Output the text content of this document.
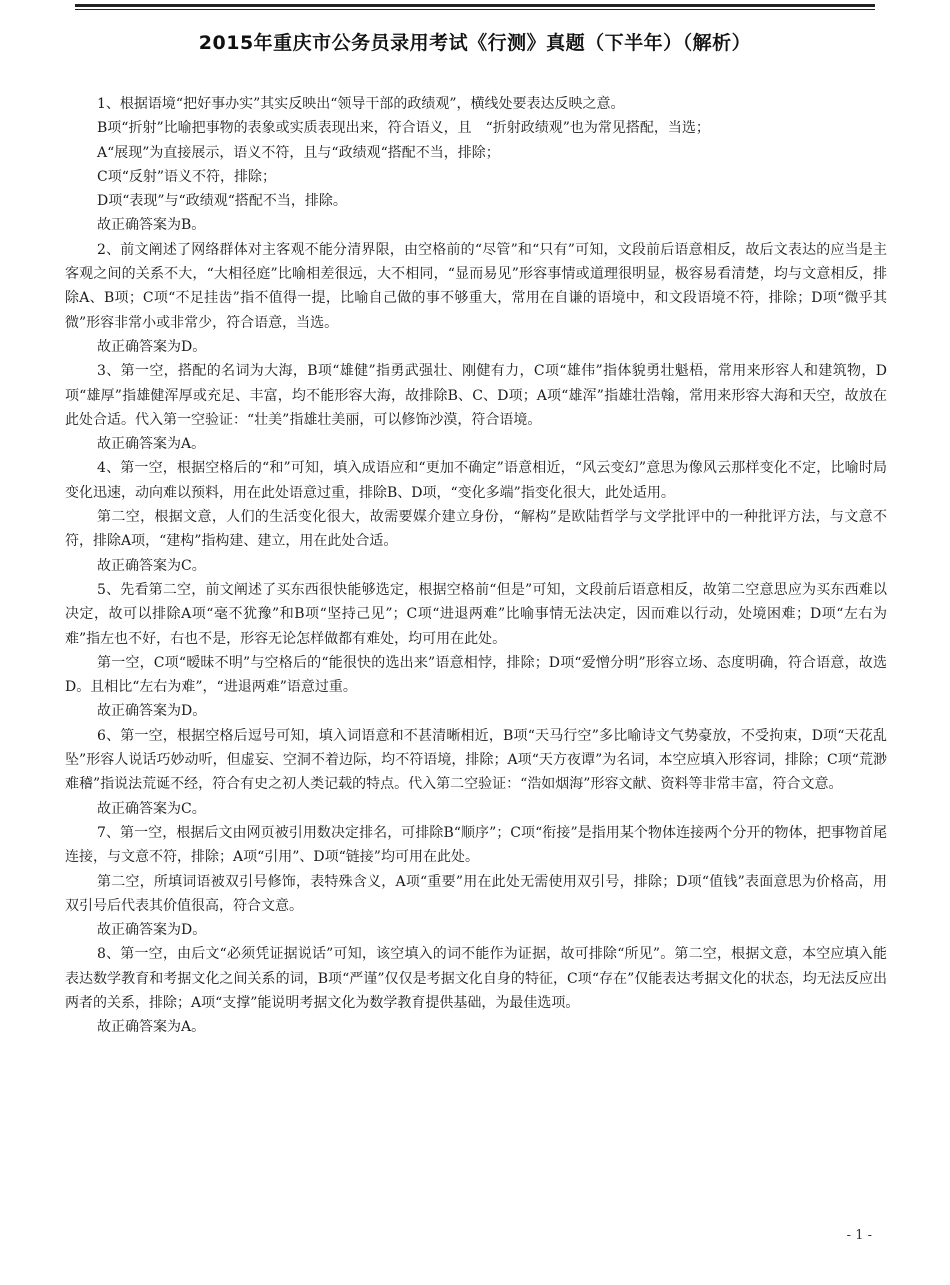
2015年重庆市公务员录用考试《行测》真题（下半年）（解析）

1、根据语境“把好事办实”其实反映出“领导干部的政绩观”，横线处要表达反映之意。

B项“折射”比喻把事物的表象或实质表现出来，符合语义，且　“折射政绩观”也为常见搭配，当选；

A“展现”为直接展示，语义不符，且与“政绩观“搭配不当，排除；

C项“反射”语义不符，排除；

D项“表现”与“政绩观“搭配不当，排除。

故正确答案为B。

2、前文阐述了网络群体对主客观不能分清界限，由空格前的“尽管”和“只有”可知，文段前后语意相反，故后文表达的应当是主客观之间的关系不大，“大相径庭”比喻相差很远，大不相同，“显而易见”形容事情或道理很明显，极容易看清楚，均与文意相反，排除A、B项；C项“不足挂齿”指不值得一提，比喻自己做的事不够重大，常用在自谦的语境中，和文段语境不符，排除；D项“微乎其微”形容非常小或非常少，符合语意，当选。

故正确答案为D。

3、第一空，搭配的名词为大海，B项“雄健”指勇武强壮、刚健有力，C项“雄伟”指体貌勇壮魁梧，常用来形容人和建筑物，D项“雄厚”指雄健浑厚或充足、丰富，均不能形容大海，故排除B、C、D项；A项“雄浑”指雄壮浩翰，常用来形容大海和天空，故放在此处合适。代入第一空验证：“壮美”指雄壮美丽，可以修饰沙漠，符合语境。

故正确答案为A。

4、第一空，根据空格后的“和”可知，填入成语应和“更加不确定”语意相近，“风云变幻”意思为像风云那样变化不定，比喻时局变化迅速，动向难以预料，用在此处语意过重，排除B、D项，“变化多端”指变化很大，此处适用。

第二空，根据文意，人们的生活变化很大，故需要媒介建立身份，“解构”是欧陆哲学与文学批评中的一种批评方法，与文意不符，排除A项，“建构”指构建、建立，用在此处合适。

故正确答案为C。

5、先看第二空，前文阐述了买东西很快能够选定，根据空格前“但是”可知，文段前后语意相反，故第二空意思应为买东西难以决定，故可以排除A项“毫不犹豫”和B项“坚持己见”；C项“进退两难”比喻事情无法决定，因而难以行动，处境困难；D项“左右为难”指左也不好，右也不是，形容无论怎样做都有难处，均可用在此处。

第一空，C项“暧昧不明”与空格后的“能很快的选出来”语意相悖，排除；D项“爱憎分明”形容立场、态度明确，符合语意，故选D。且相比“左右为难”，“进退两难”语意过重。

故正确答案为D。

6、第一空，根据空格后逗号可知，填入词语意和不甚清晰相近，B项“天马行空”多比喻诗文气势豪放，不受拘束，D项“天花乱坠”形容人说话巧妙动听，但虚妄、空洞不着边际，均不符语境，排除；A项“天方夜谭”为名词，本空应填入形容词，排除；C项“荒渺难稽”指说法荒诞不经，符合有史之初人类记载的特点。代入第二空验证：“浩如烟海”形容文献、资料等非常丰富，符合文意。

故正确答案为C。

7、第一空，根据后文由网页被引用数决定排名，可排除B“顺序”；C项“衔接”是指用某个物体连接两个分开的物体，把事物首尾连接，与文意不符，排除；A项“引用”、D项“链接”均可用在此处。

第二空，所填词语被双引号修饰，表特殊含义，A项“重要”用在此处无需使用双引号，排除；D项“值钱”表面意思为价格高，用双引号后代表其价值很高，符合文意。

故正确答案为D。

8、第一空，由后文“必须凭证据说话”可知，该空填入的词不能作为证据，故可排除“所见”。第二空，根据文意，本空应填入能表达数学教育和考据文化之间关系的词，B项“严谨”仅仅是考据文化自身的特征，C项“存在”仅能表达考据文化的状态，均无法反应出两者的关系，排除；A项“支撑”能说明考据文化为数学教育提供基础，为最佳选项。

故正确答案为A。

- 1 -
